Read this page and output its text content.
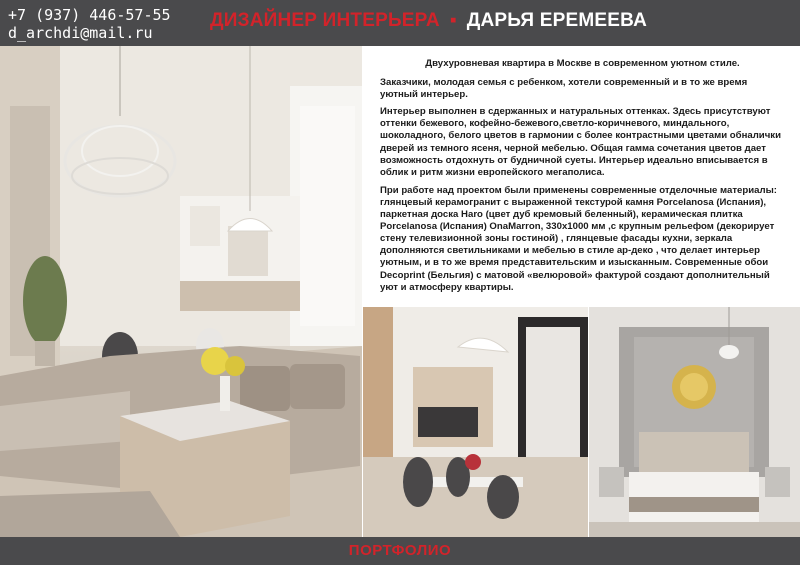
+7 (937) 446-57-55
d_archdi@mail.ru
ДИЗАЙНЕР ИНТЕРЬЕРА ▪ ДАРЬЯ ЕРЕМЕЕВА

Двухуровневая квартира в Москве в современном уютном стиле.

Заказчики, молодая семья с ребенком, хотели современный и в то же время уютный интерьер.

Интерьер выполнен в сдержанных и натуральных оттенках. Здесь присутствуют оттенки бежевого, кофейно-бежевого,светло-коричневого, миндального, шоколадного, белого цветов в гармонии с более контрастными цветами обналички дверей из темного ясеня, черной мебелью. Общая гамма сочетания цветов дает возможность отдохнуть от будничной суеты. Интерьер идеально вписывается в облик и ритм жизни европейского мегаполиса.

При работе над проектом были применены современные отделочные материалы: глянцевый керамогранит с выраженной текстурой камня Porcelanosa (Испания), паркетная доска Haro (цвет дуб кремовый беленный), керамическая плитка Porcelanosa (Испания) OnaMarron, 330x1000 мм ,с крупным рельефом (декорирует стену телевизионной зоны гостиной) , глянцевые фасады кухни, зеркала дополняются светильниками и мебелью в стиле ар-деко , что делает интерьер уютным, и в то же время представительским и изысканным. Современные обои Decoprint (Бельгия) с матовой «велюровой» фактурой создают дополнительный уют и атмосферу квартиры.

ПОРТФОЛИО
